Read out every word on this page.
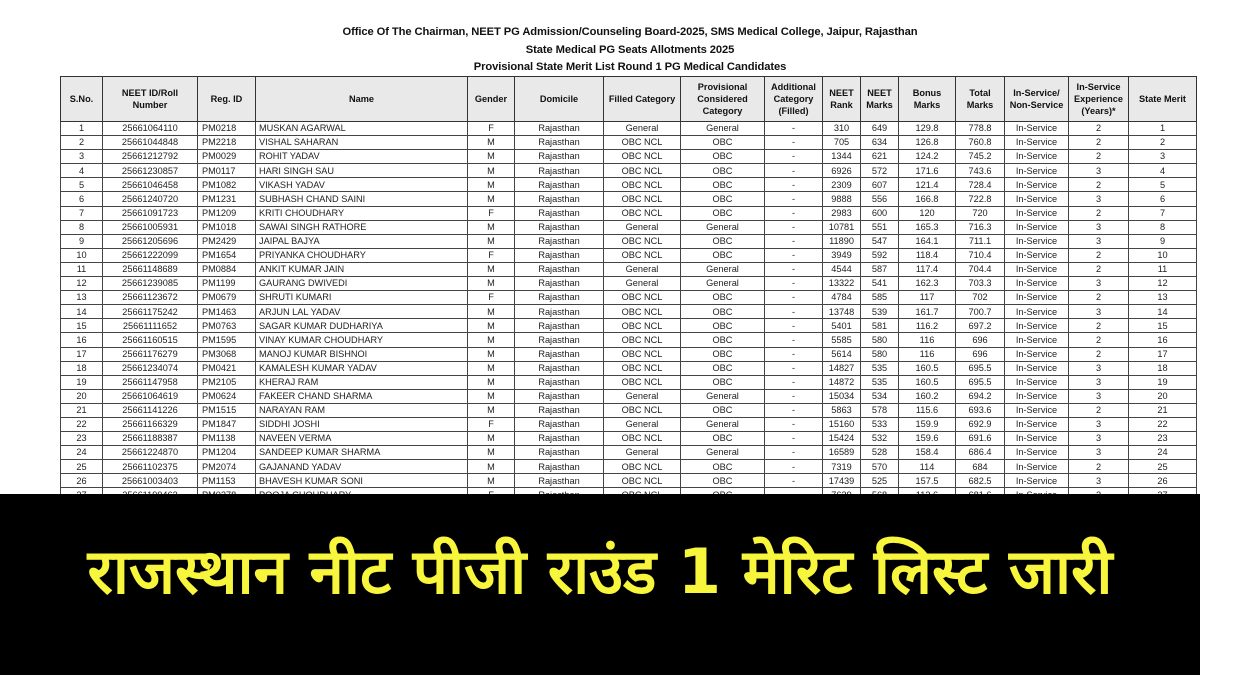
Office Of The Chairman, NEET PG Admission/Counseling Board-2025, SMS Medical College, Jaipur, Rajasthan
State Medical PG Seats Allotments 2025
Provisional State Merit List Round 1 PG Medical Candidates
S.No.	NEET ID/Roll Number	Reg. ID	Name	Gender	Domicile	Filled Category	Provisional Considered Category	Additional Category (Filled)	NEET Rank	NEET Marks	Bonus Marks	Total Marks	In-Service/ Non-Service	In-Service Experience (Years)*	State Merit
1	25661064110	PM0218	MUSKAN AGARWAL	F	Rajasthan	General	General	-	310	649	129.8	778.8	In-Service	2	1
2	25661044848	PM2218	VISHAL SAHARAN	M	Rajasthan	OBC NCL	OBC	-	705	634	126.8	760.8	In-Service	2	2
3	25661212792	PM0029	ROHIT YADAV	M	Rajasthan	OBC NCL	OBC	-	1344	621	124.2	745.2	In-Service	2	3
4	25661230857	PM0117	HARI SINGH SAU	M	Rajasthan	OBC NCL	OBC	-	6926	572	171.6	743.6	In-Service	3	4
5	25661046458	PM1082	VIKASH YADAV	M	Rajasthan	OBC NCL	OBC	-	2309	607	121.4	728.4	In-Service	2	5
6	25661240720	PM1231	SUBHASH CHAND SAINI	M	Rajasthan	OBC NCL	OBC	-	9888	556	166.8	722.8	In-Service	3	6
7	25661091723	PM1209	KRITI CHOUDHARY	F	Rajasthan	OBC NCL	OBC	-	2983	600	120	720	In-Service	2	7
8	25661005931	PM1018	SAWAI SINGH RATHORE	M	Rajasthan	General	General	-	10781	551	165.3	716.3	In-Service	3	8
9	25661205696	PM2429	JAIPAL BAJYA	M	Rajasthan	OBC NCL	OBC	-	11890	547	164.1	711.1	In-Service	3	9
10	25661222099	PM1654	PRIYANKA CHOUDHARY	F	Rajasthan	OBC NCL	OBC	-	3949	592	118.4	710.4	In-Service	2	10
11	25661148689	PM0884	ANKIT KUMAR JAIN	M	Rajasthan	General	General	-	4544	587	117.4	704.4	In-Service	2	11
12	25661239085	PM1199	GAURANG DWIVEDI	M	Rajasthan	General	General	-	13322	541	162.3	703.3	In-Service	3	12
13	25661123672	PM0679	SHRUTI KUMARI	F	Rajasthan	OBC NCL	OBC	-	4784	585	117	702	In-Service	2	13
14	25661175242	PM1463	ARJUN LAL YADAV	M	Rajasthan	OBC NCL	OBC	-	13748	539	161.7	700.7	In-Service	3	14
15	25661111652	PM0763	SAGAR KUMAR DUDHARIYA	M	Rajasthan	OBC NCL	OBC	-	5401	581	116.2	697.2	In-Service	2	15
16	25661160515	PM1595	VINAY KUMAR CHOUDHARY	M	Rajasthan	OBC NCL	OBC	-	5585	580	116	696	In-Service	2	16
17	25661176279	PM3068	MANOJ KUMAR BISHNOI	M	Rajasthan	OBC NCL	OBC	-	5614	580	116	696	In-Service	2	17
18	25661234074	PM0421	KAMALESH KUMAR YADAV	M	Rajasthan	OBC NCL	OBC	-	14827	535	160.5	695.5	In-Service	3	18
19	25661147958	PM2105	KHERAJ RAM	M	Rajasthan	OBC NCL	OBC	-	14872	535	160.5	695.5	In-Service	3	19
20	25661064619	PM0624	FAKEER CHAND SHARMA	M	Rajasthan	General	General	-	15034	534	160.2	694.2	In-Service	3	20
21	25661141226	PM1515	NARAYAN RAM	M	Rajasthan	OBC NCL	OBC	-	5863	578	115.6	693.6	In-Service	2	21
22	25661166329	PM1847	SIDDHI JOSHI	F	Rajasthan	General	General	-	15160	533	159.9	692.9	In-Service	3	22
23	25661188387	PM1138	NAVEEN VERMA	M	Rajasthan	OBC NCL	OBC	-	15424	532	159.6	691.6	In-Service	3	23
24	25661224870	PM1204	SANDEEP KUMAR SHARMA	M	Rajasthan	General	General	-	16589	528	158.4	686.4	In-Service	3	24
25	25661102375	PM2074	GAJANAND YADAV	M	Rajasthan	OBC NCL	OBC	-	7319	570	114	684	In-Service	2	25
26	25661003403	PM1153	BHAVESH KUMAR SONI	M	Rajasthan	OBC NCL	OBC	-	17439	525	157.5	682.5	In-Service	3	26

राजस्थान नीट पीजी राउंड 1 मेरिट लिस्ट जारी
